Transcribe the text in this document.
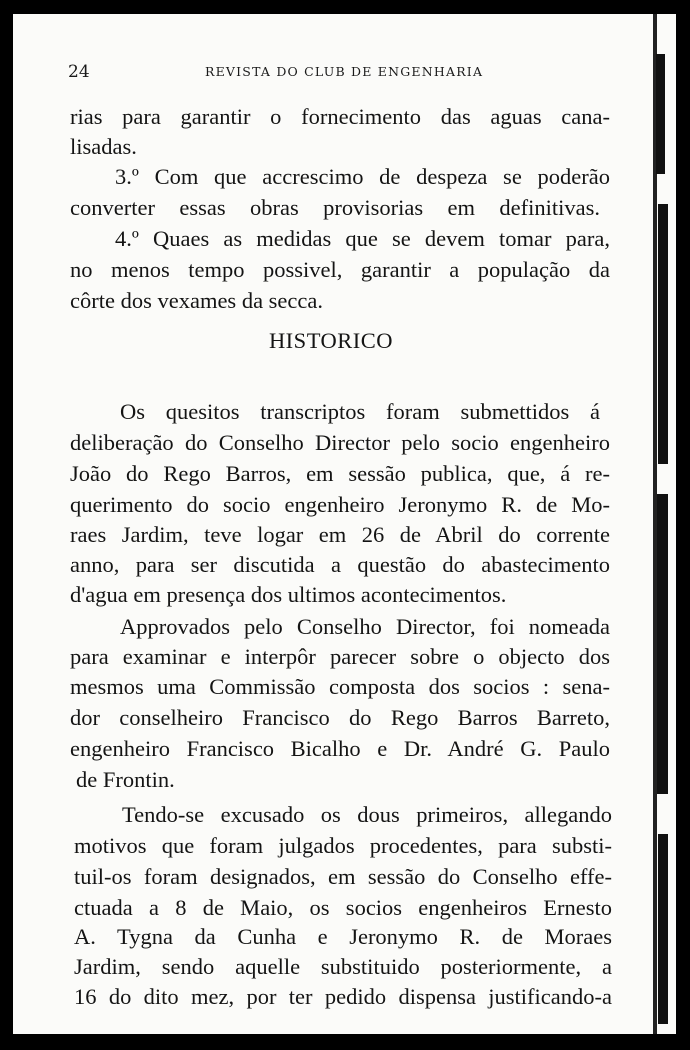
24	REVISTA DO CLUB DE ENGENHARIA
rias para garantir o fornecimento das aguas cana-
lisadas.
3.º Com que accrescimo de despeza se poderão
converter essas obras provisorias em definitivas.
4.º Quaes as medidas que se devem tomar para,
no menos tempo possivel, garantir a população da
côrte dos vexames da secca.
HISTORICO
Os quesitos transcriptos foram submettidos á
deliberação do Conselho Director pelo socio engenheiro
João do Rego Barros, em sessão publica, que, á re-
querimento do socio engenheiro Jeronymo R. de Mo-
raes Jardim, teve logar em 26 de Abril do corrente
anno, para ser discutida a questão do abastecimento
d'agua em presença dos ultimos acontecimentos.
Approvados pelo Conselho Director, foi nomeada
para examinar e interpôr parecer sobre o objecto dos
mesmos uma Commissão composta dos socios : sena-
dor conselheiro Francisco do Rego Barros Barreto,
engenheiro Francisco Bicalho e Dr. André G. Paulo
de Frontin.
Tendo-se excusado os dous primeiros, allegando
motivos que foram julgados procedentes, para substi-
tuil-os foram designados, em sessão do Conselho effe-
ctuada a 8 de Maio, os socios engenheiros Ernesto
A. Tygna da Cunha e Jeronymo R. de Moraes
Jardim, sendo aquelle substituido posteriormente, a
16 do dito mez, por ter pedido dispensa justificando-a
